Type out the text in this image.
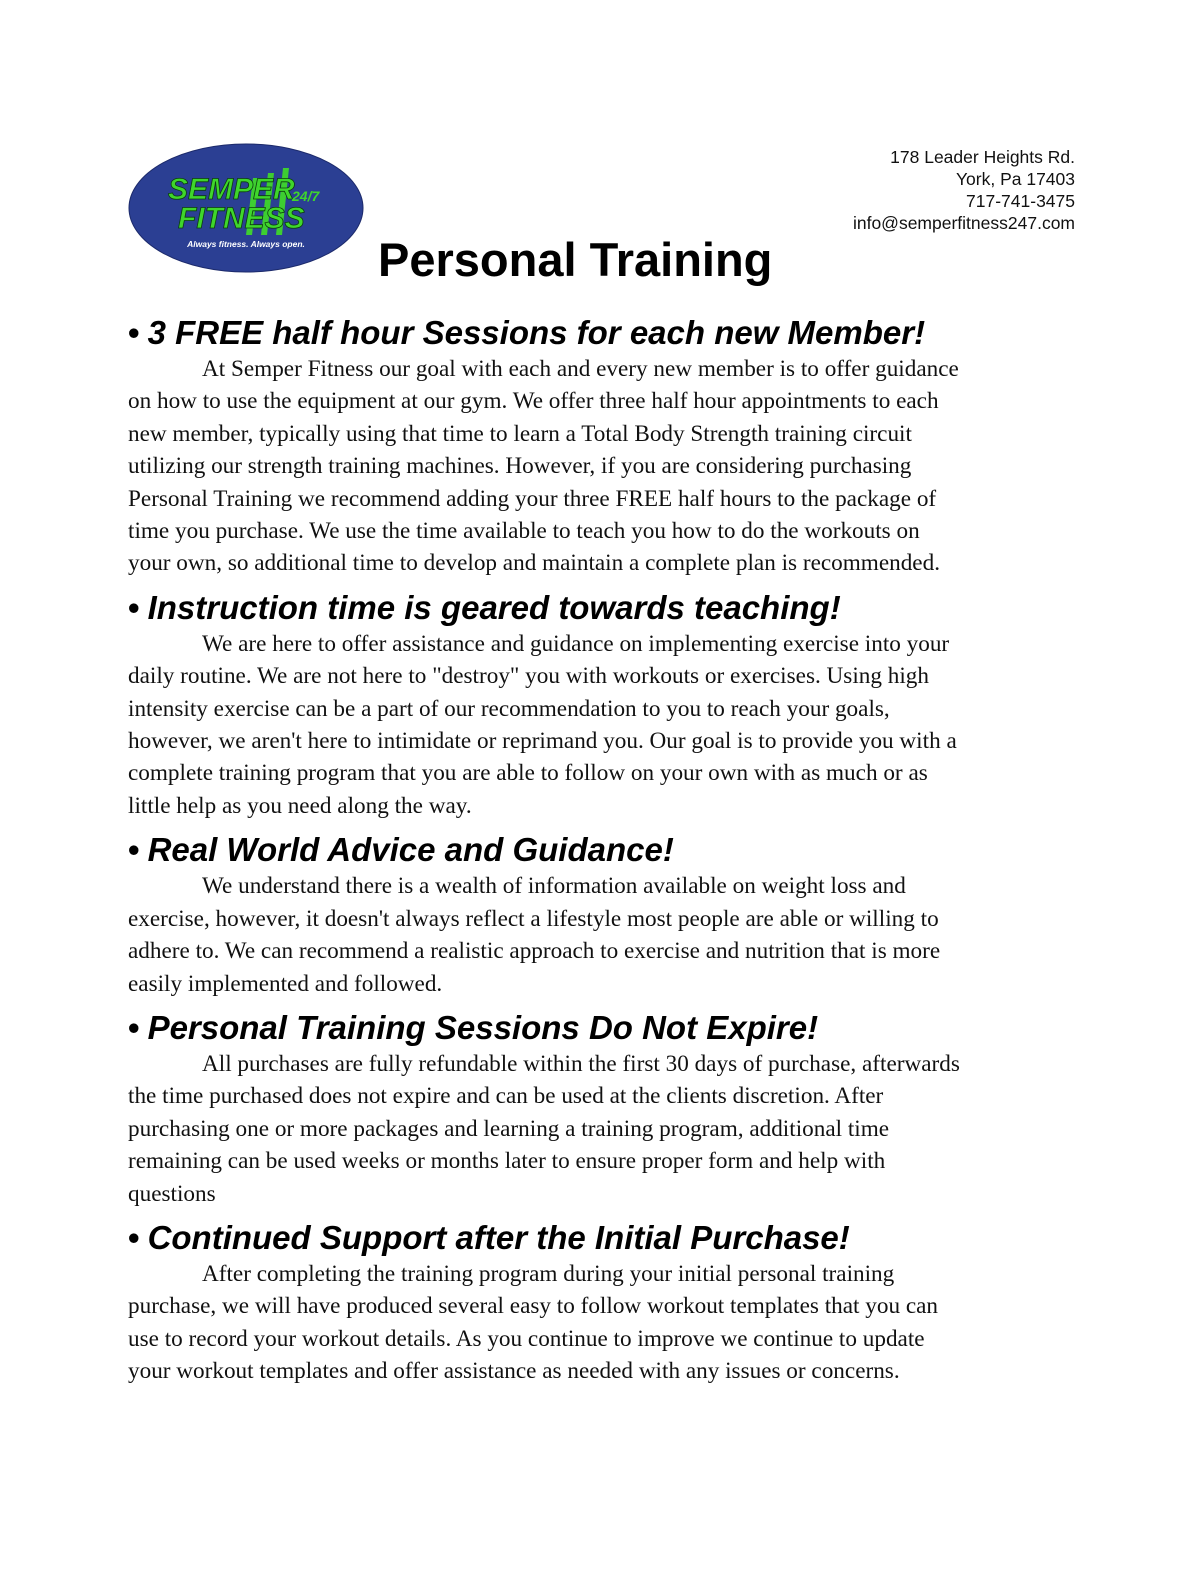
SEMPER
FITNESS
24/7
Always fitness. Always open.
178 Leader Heights Rd.
York, Pa 17403
717-741-3475
info@semperfitness247.com
Personal Training

• 3 FREE half hour Sessions for each new Member!

At Semper Fitness our goal with each and every new member is to offer guidance
on how to use the equipment at our gym. We offer three half hour appointments to each
new member, typically using that time to learn a Total Body Strength training circuit
utilizing our strength training machines. However, if you are considering purchasing
Personal Training we recommend adding your three FREE half hours to the package of
time you purchase. We use the time available to teach you how to do the workouts on
your own, so additional time to develop and maintain a complete plan is recommended.

• Instruction time is geared towards teaching!

We are here to offer assistance and guidance on implementing exercise into your
daily routine. We are not here to "destroy" you with workouts or exercises. Using high
intensity exercise can be a part of our recommendation to you to reach your goals,
however, we aren't here to intimidate or reprimand you. Our goal is to provide you with a
complete training program that you are able to follow on your own with as much or as
little help as you need along the way.

• Real World Advice and Guidance!

We understand there is a wealth of information available on weight loss and
exercise, however, it doesn't always reflect a lifestyle most people are able or willing to
adhere to. We can recommend a realistic approach to exercise and nutrition that is more
easily implemented and followed.

• Personal Training Sessions Do Not Expire!

All purchases are fully refundable within the first 30 days of purchase, afterwards
the time purchased does not expire and can be used at the clients discretion. After
purchasing one or more packages and learning a training program, additional time
remaining can be used weeks or months later to ensure proper form and help with
questions

• Continued Support after the Initial Purchase!

After completing the training program during your initial personal training
purchase, we will have produced several easy to follow workout templates that you can
use to record your workout details. As you continue to improve we continue to update
your workout templates and offer assistance as needed with any issues or concerns.
